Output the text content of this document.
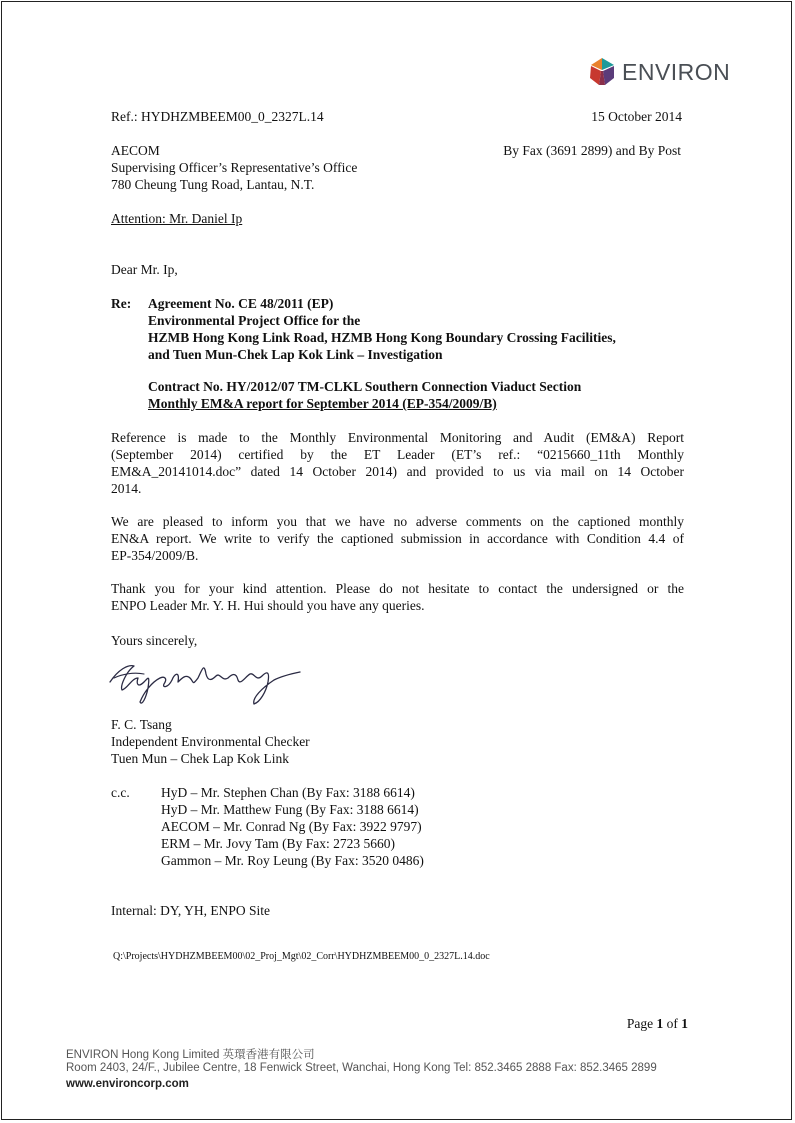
ENVIRON
Ref.: HYDHZMBEEM00_0_2327L.14	15 October 2014
AECOM
Supervising Officer’s Representative’s Office
780 Cheung Tung Road, Lantau, N.T.
By Fax (3691 2899) and By Post
Attention: Mr. Daniel Ip
Dear Mr. Ip,
Re: Agreement No. CE 48/2011 (EP)
Environmental Project Office for the
HZMB Hong Kong Link Road, HZMB Hong Kong Boundary Crossing Facilities,
and Tuen Mun-Chek Lap Kok Link – Investigation
Contract No. HY/2012/07 TM-CLKL Southern Connection Viaduct Section
Monthly EM&A report for September 2014 (EP-354/2009/B)
Reference is made to the Monthly Environmental Monitoring and Audit (EM&A) Report
(September 2014) certified by the ET Leader (ET’s ref.: “0215660_11th Monthly
EM&A_20141014.doc” dated 14 October 2014) and provided to us via mail on 14 October
2014.
We are pleased to inform you that we have no adverse comments on the captioned monthly
EN&A report. We write to verify the captioned submission in accordance with Condition 4.4 of
EP-354/2009/B.
Thank you for your kind attention. Please do not hesitate to contact the undersigned or the
ENPO Leader Mr. Y. H. Hui should you have any queries.
Yours sincerely,
F. C. Tsang
Independent Environmental Checker
Tuen Mun – Chek Lap Kok Link
c.c. HyD – Mr. Stephen Chan (By Fax: 3188 6614)
HyD – Mr. Matthew Fung (By Fax: 3188 6614)
AECOM – Mr. Conrad Ng (By Fax: 3922 9797)
ERM – Mr. Jovy Tam (By Fax: 2723 5660)
Gammon – Mr. Roy Leung (By Fax: 3520 0486)
Internal: DY, YH, ENPO Site
Q:\Projects\HYDHZMBEEM00\02_Proj_Mgt\02_Corr\HYDHZMBEEM00_0_2327L.14.doc
Page 1 of 1
ENVIRON Hong Kong Limited 英環香港有限公司
Room 2403, 24/F., Jubilee Centre, 18 Fenwick Street, Wanchai, Hong Kong Tel: 852.3465 2888 Fax: 852.3465 2899
www.environcorp.com
